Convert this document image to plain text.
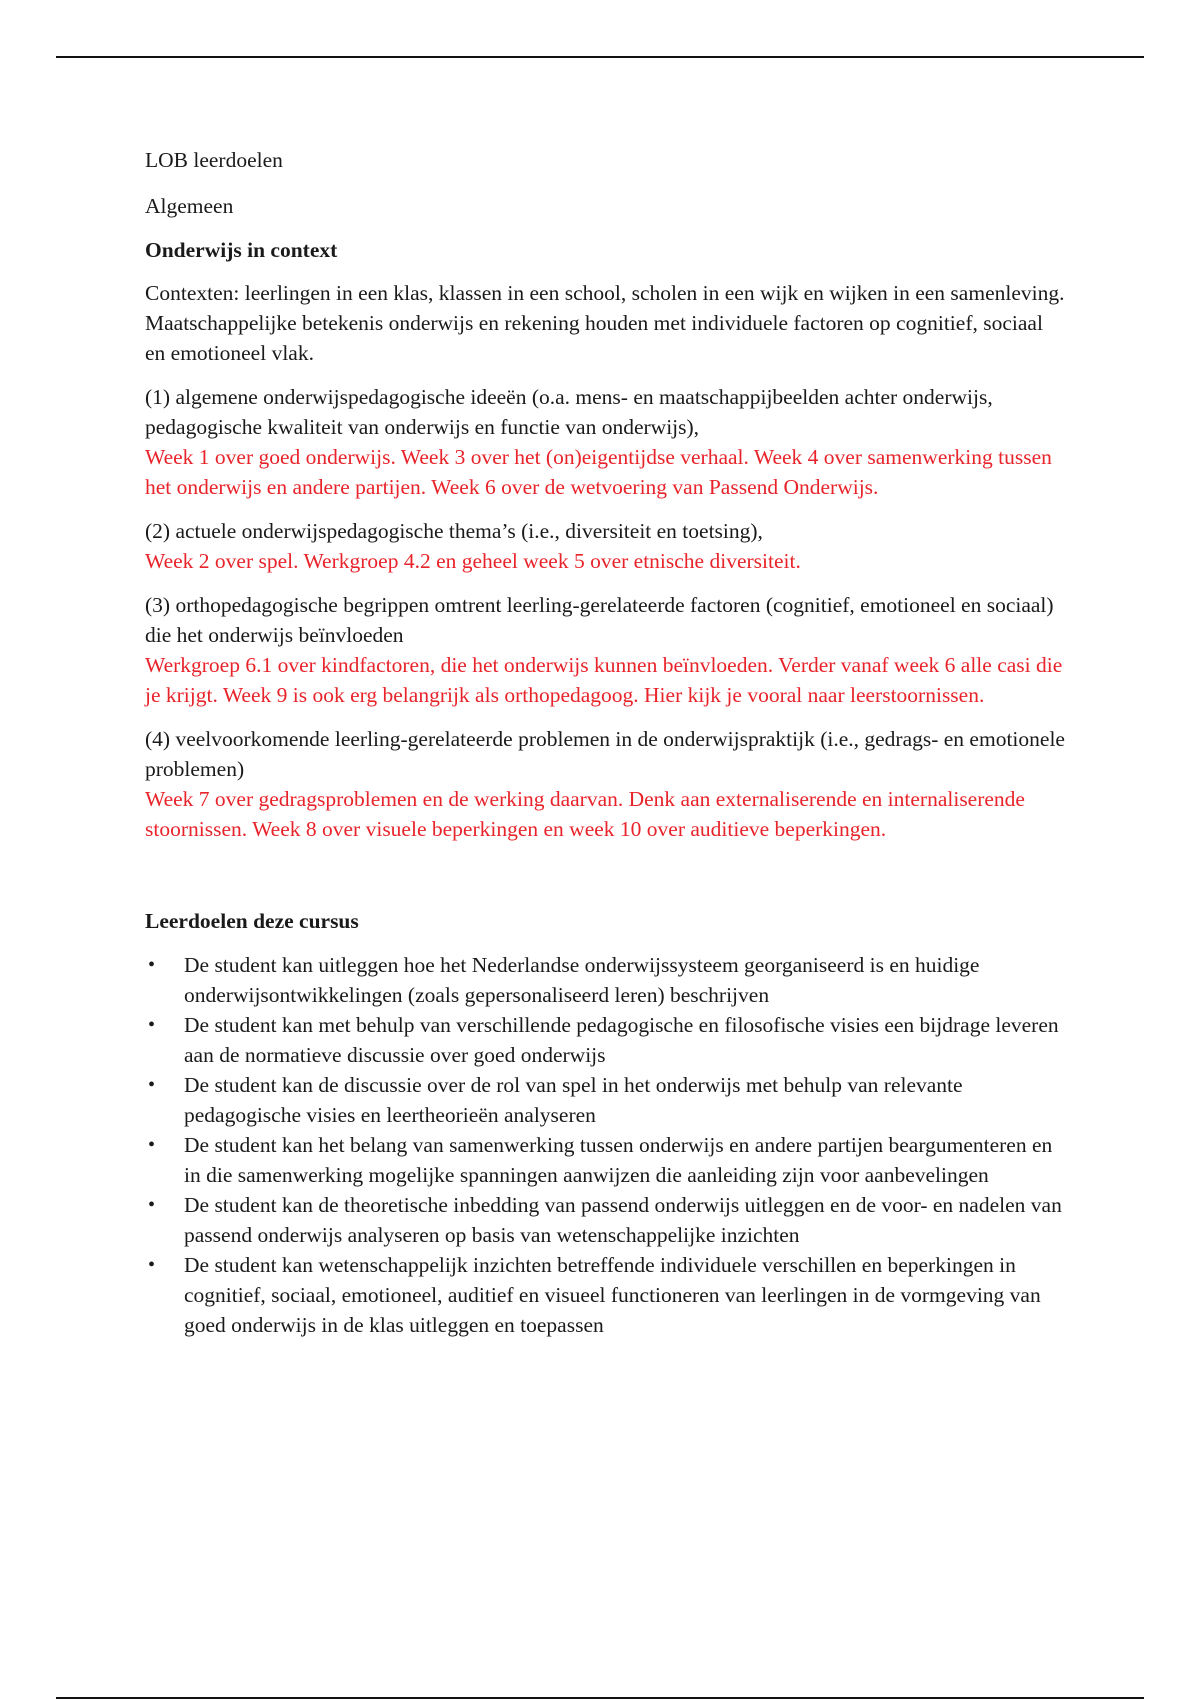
LOB leerdoelen

Algemeen

Onderwijs in context

Contexten: leerlingen in een klas, klassen in een school, scholen in een wijk en wijken in een samenleving. Maatschappelijke betekenis onderwijs en rekening houden met individuele factoren op cognitief, sociaal en emotioneel vlak.

(1) algemene onderwijspedagogische ideeën (o.a. mens- en maatschappijbeelden achter onderwijs, pedagogische kwaliteit van onderwijs en functie van onderwijs),

Week 1 over goed onderwijs. Week 3 over het (on)eigentijdse verhaal. Week 4 over samenwerking tussen het onderwijs en andere partijen. Week 6 over de wetvoering van Passend Onderwijs.

(2) actuele onderwijspedagogische thema’s (i.e., diversiteit en toetsing),

Week 2 over spel. Werkgroep 4.2 en geheel week 5 over etnische diversiteit.

(3) orthopedagogische begrippen omtrent leerling-gerelateerde factoren (cognitief, emotioneel en sociaal) die het onderwijs beïnvloeden

Werkgroep 6.1 over kindfactoren, die het onderwijs kunnen beïnvloeden. Verder vanaf week 6 alle casi die je krijgt. Week 9 is ook erg belangrijk als orthopedagoog. Hier kijk je vooral naar leerstoornissen.

(4) veelvoorkomende leerling-gerelateerde problemen in de onderwijspraktijk (i.e., gedrags- en emotionele problemen)

Week 7 over gedragsproblemen en de werking daarvan. Denk aan externaliserende en internaliserende stoornissen. Week 8 over visuele beperkingen en week 10 over auditieve beperkingen.

Leerdoelen deze cursus

• De student kan uitleggen hoe het Nederlandse onderwijssysteem georganiseerd is en huidige onderwijsontwikkelingen (zoals gepersonaliseerd leren) beschrijven
• De student kan met behulp van verschillende pedagogische en filosofische visies een bijdrage leveren aan de normatieve discussie over goed onderwijs
• De student kan de discussie over de rol van spel in het onderwijs met behulp van relevante pedagogische visies en leertheorieën analyseren
• De student kan het belang van samenwerking tussen onderwijs en andere partijen beargumenteren en in die samenwerking mogelijke spanningen aanwijzen die aanleiding zijn voor aanbevelingen
• De student kan de theoretische inbedding van passend onderwijs uitleggen en de voor- en nadelen van passend onderwijs analyseren op basis van wetenschappelijke inzichten
• De student kan wetenschappelijk inzichten betreffende individuele verschillen en beperkingen in cognitief, sociaal, emotioneel, auditief en visueel functioneren van leerlingen in de vormgeving van goed onderwijs in de klas uitleggen en toepassen
